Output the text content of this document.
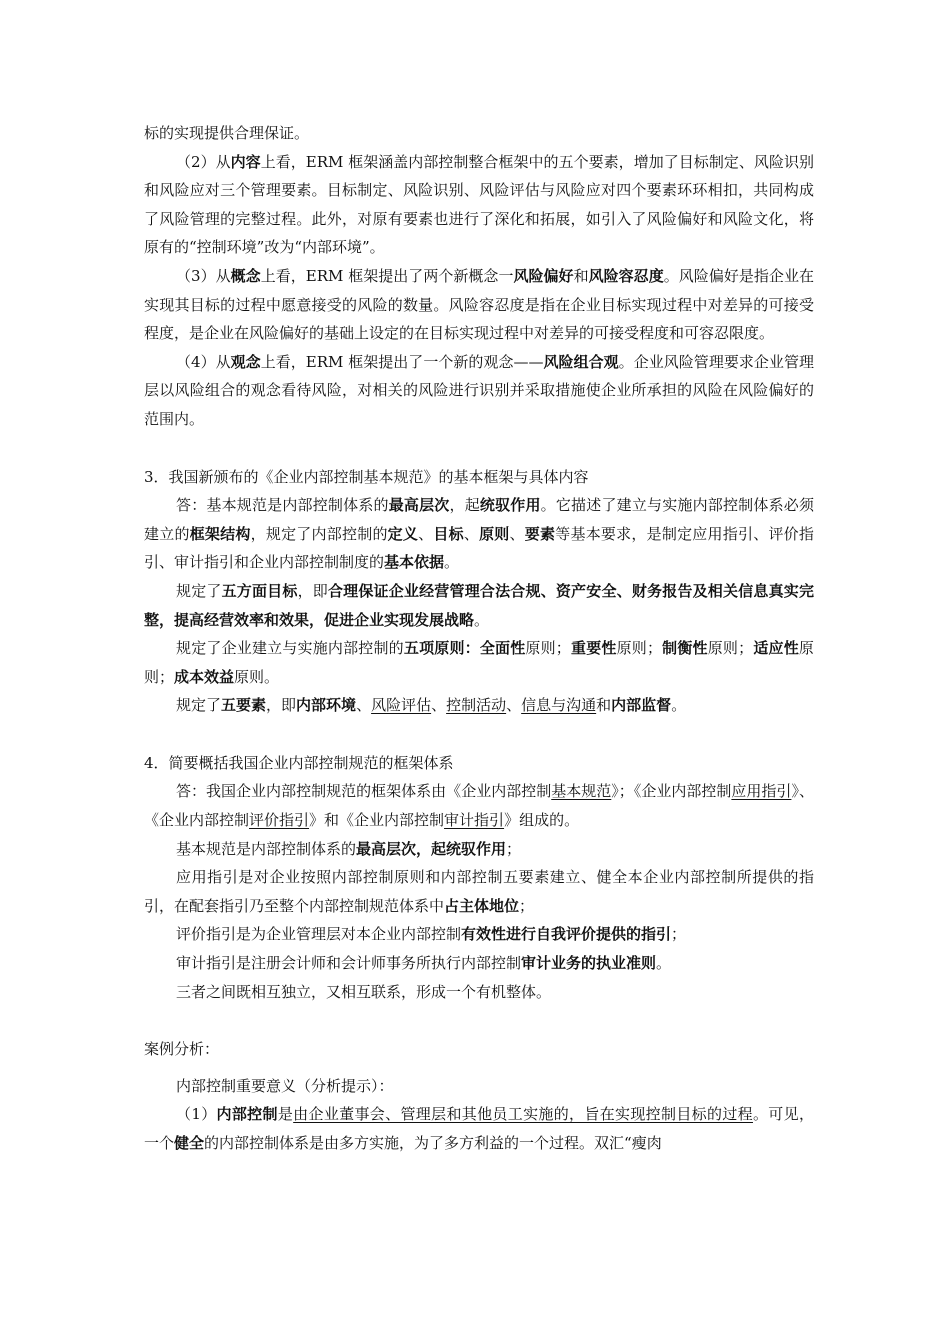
标的实现提供合理保证。

（2）从内容上看，ERM 框架涵盖内部控制整合框架中的五个要素，增加了目标制定、风险识别和风险应对三个管理要素。目标制定、风险识别、风险评估与风险应对四个要素环环相扣，共同构成了风险管理的完整过程。此外，对原有要素也进行了深化和拓展，如引入了风险偏好和风险文化，将原有的“控制环境”改为“内部环境”。

（3）从概念上看，ERM 框架提出了两个新概念一风险偏好和风险容忍度。风险偏好是指企业在实现其目标的过程中愿意接受的风险的数量。风险容忍度是指在企业目标实现过程中对差异的可接受程度，是企业在风险偏好的基础上设定的在目标实现过程中对差异的可接受程度和可容忍限度。

（4）从观念上看，ERM 框架提出了一个新的观念——风险组合观。企业风险管理要求企业管理层以风险组合的观念看待风险，对相关的风险进行识别并采取措施使企业所承担的风险在风险偏好的范围内。

3．我国新颁布的《企业内部控制基本规范》的基本框架与具体内容

答：基本规范是内部控制体系的最高层次，起统驭作用。它描述了建立与实施内部控制体系必须建立的框架结构，规定了内部控制的定义、目标、原则、要素等基本要求，是制定应用指引、评价指引、审计指引和企业内部控制制度的基本依据。

规定了五方面目标，即合理保证企业经营管理合法合规、资产安全、财务报告及相关信息真实完整，提高经营效率和效果，促进企业实现发展战略。

规定了企业建立与实施内部控制的五项原则：全面性原则；重要性原则；制衡性原则；适应性原则；成本效益原则。

规定了五要素，即内部环境、风险评估、控制活动、信息与沟通和内部监督。

4．简要概括我国企业内部控制规范的框架体系

答：我国企业内部控制规范的框架体系由《企业内部控制基本规范》；《企业内部控制应用指引》、《企业内部控制评价指引》和《企业内部控制审计指引》组成的。

基本规范是内部控制体系的最高层次，起统驭作用；

应用指引是对企业按照内部控制原则和内部控制五要素建立、健全本企业内部控制所提供的指引，在配套指引乃至整个内部控制规范体系中占主体地位；

评价指引是为企业管理层对本企业内部控制有效性进行自我评价提供的指引；

审计指引是注册会计师和会计师事务所执行内部控制审计业务的执业准则。

三者之间既相互独立，又相互联系，形成一个有机整体。

案例分析：

内部控制重要意义（分析提示）：

（1）内部控制是由企业董事会、管理层和其他员工实施的，旨在实现控制目标的过程。可见，一个健全的内部控制体系是由多方实施，为了多方利益的一个过程。双汇“瘦肉
